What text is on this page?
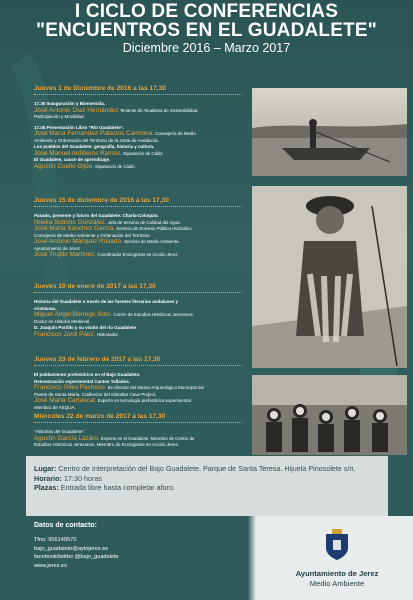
I CICLO DE CONFERENCIAS
"ENCUENTROS EN EL GUADALETE"
Diciembre 2016 – Marzo 2017
Jueves 1 de Diciembre de 2016 a las 17,30
17.30 Inauguración y Bienvenida.
José Antonio Díaz Hernández Teniente de Alcaldesa de Sostenibilidad,
Participación y Movilidad.
17.45 Presentación Libro "Río Guadalete".
José María Fernández-Palacios Carmona. Consejería de Medio
Ambiente y Ordenación del Territorio de la Junta de Andalucía.
Los pueblos del Guadalete: geografía, historia y cultura.
José Manuel Ardilleros Ramos. Diputación de Cádiz.
El Guadalete, cauce de aprendizaje.
Agustín Coello Gijón. Diputación de Cádiz.
Jueves 15 de diciembre de 2016 a las 17,30
Pasado, presente y futuro del Guadalete. Charla-Coloquio.
Noelia Sobrino González. Jefa de Servicio de Calidad del Agua.
José María Sánchez García. Servicio de Dominio Público Hidráulico.
Consejería de Medio Ambiente y Ordenación del Territorio.
José Antonio Márquez Rosado. Servicio de Medio Ambiente.
Ayuntamiento de Jerez
José Trujillo Martínez. Coordinador Ecologistas en Acción Jerez.
Jueves 19 de enero de 2017 a las 17,30
Historia del Guadalete a través de las fuentes literarias andaluses y
cristianas.
Miguel Ángel Borrego Soto. Centro de Estudios Históricos Jerezanos.
Doctor en Historia Medieval.
D. Joaquín Portillo y su visión del río Guadalete
Francisco Jordi Páez. Historiador.
Jueves 23 de febrero de 2017 a las 17,30
El poblamiento prehistórico en el Bajo Guadalete.
Demostración experimental Cantos Tallados.
Francisco Giles Pacheco. Ex-director del Museo Arqueológico Municipal del
Puerto de Santa María. Codirector del Gibraltar Cave Project.
José María Carrascal. Experto en tecnología prehistórica experimental.
Miembro de AEQUA.
Miércoles 22 de marzo de 2017 a las 17,30
"Historias del Guadalete".
Agustín García Lázaro. Experto en el Guadalete. Miembro de Centro de
Estudios Históricos Jerezanos. Miembro de Ecologistas en Acción Jerez.
Lugar: Centro de Interpretación del Bajo Guadalete. Parque de Santa Teresa. Hijuela Pinosolete s/n.
Horario: 17:30 horas
Plazas: Entrada libre hasta completar aforo.
Datos de contacto:
Tfno: 956149570
bajo_guadalete@aytojerez.es
facebook/twitter @bajo_guadalete
www.jerez.es
Ayuntamiento de Jerez
Medio Ambiente
